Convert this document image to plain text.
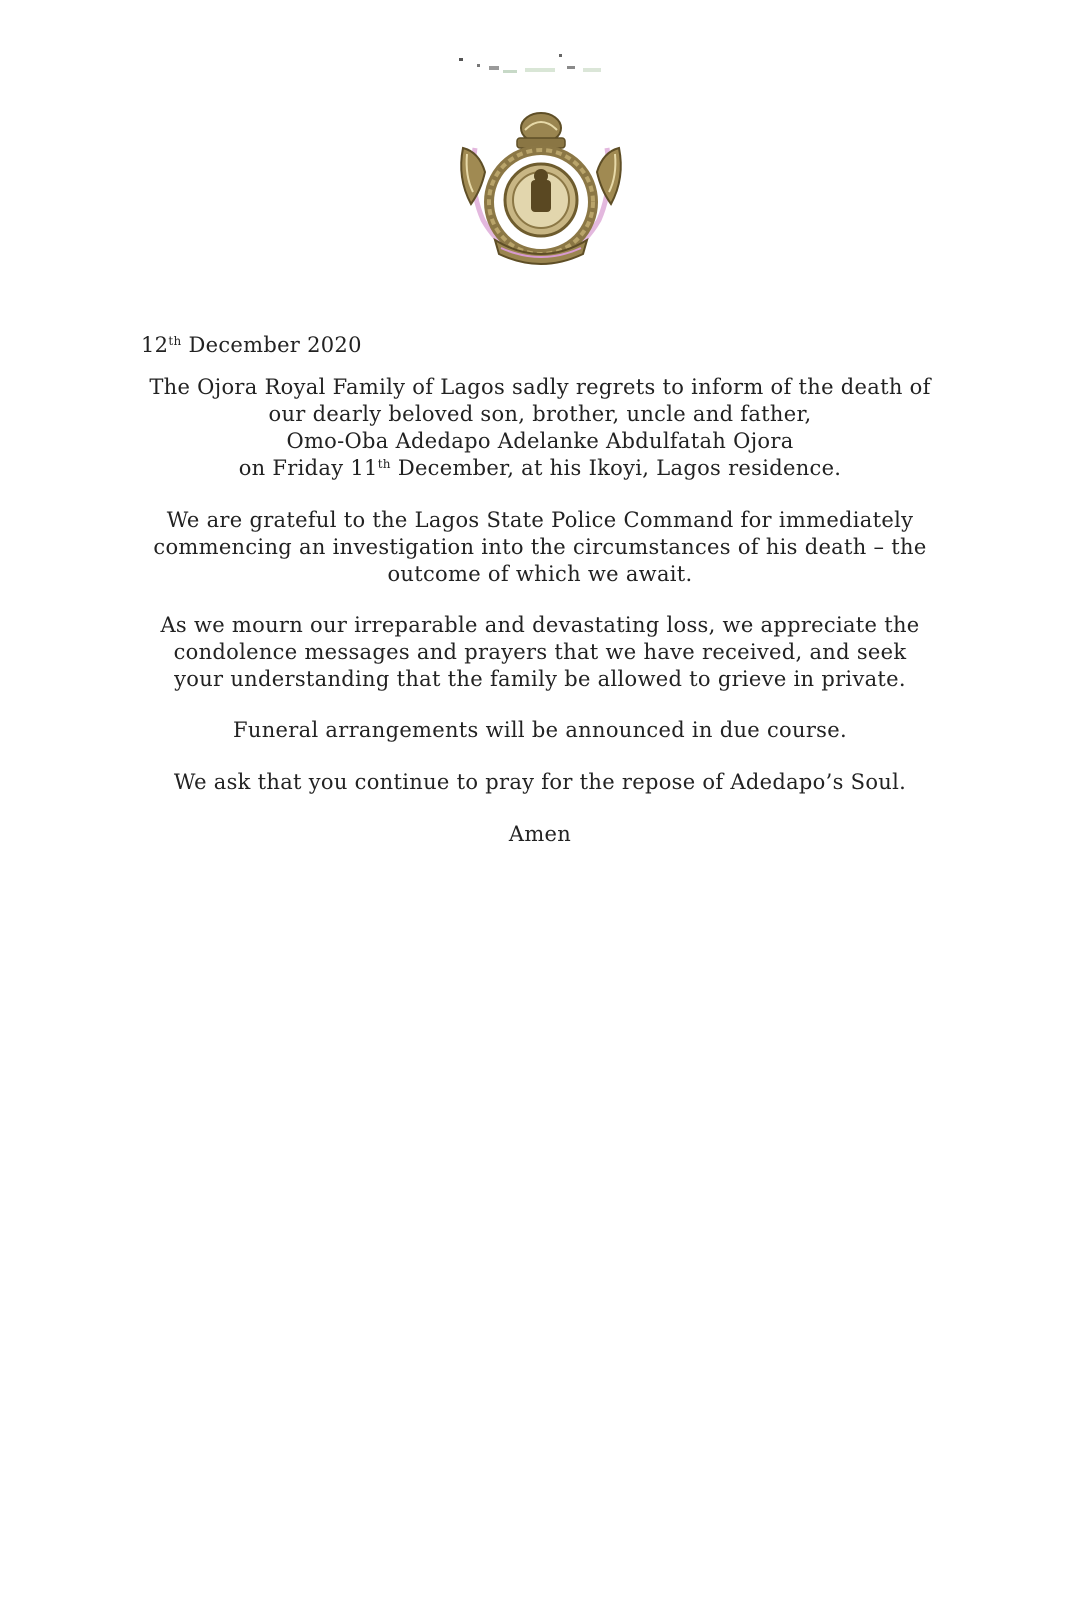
12th December 2020
The Ojora Royal Family of Lagos sadly regrets to inform of the death of
our dearly beloved son, brother, uncle and father,
Omo-Oba Adedapo Adelanke Abdulfatah Ojora
on Friday 11th December, at his Ikoyi, Lagos residence.
We are grateful to the Lagos State Police Command for immediately
commencing an investigation into the circumstances of his death – the
outcome of which we await.
As we mourn our irreparable and devastating loss, we appreciate the
condolence messages and prayers that we have received, and seek
your understanding that the family be allowed to grieve in private.
Funeral arrangements will be announced in due course.
We ask that you continue to pray for the repose of Adedapo’s Soul.
Amen
